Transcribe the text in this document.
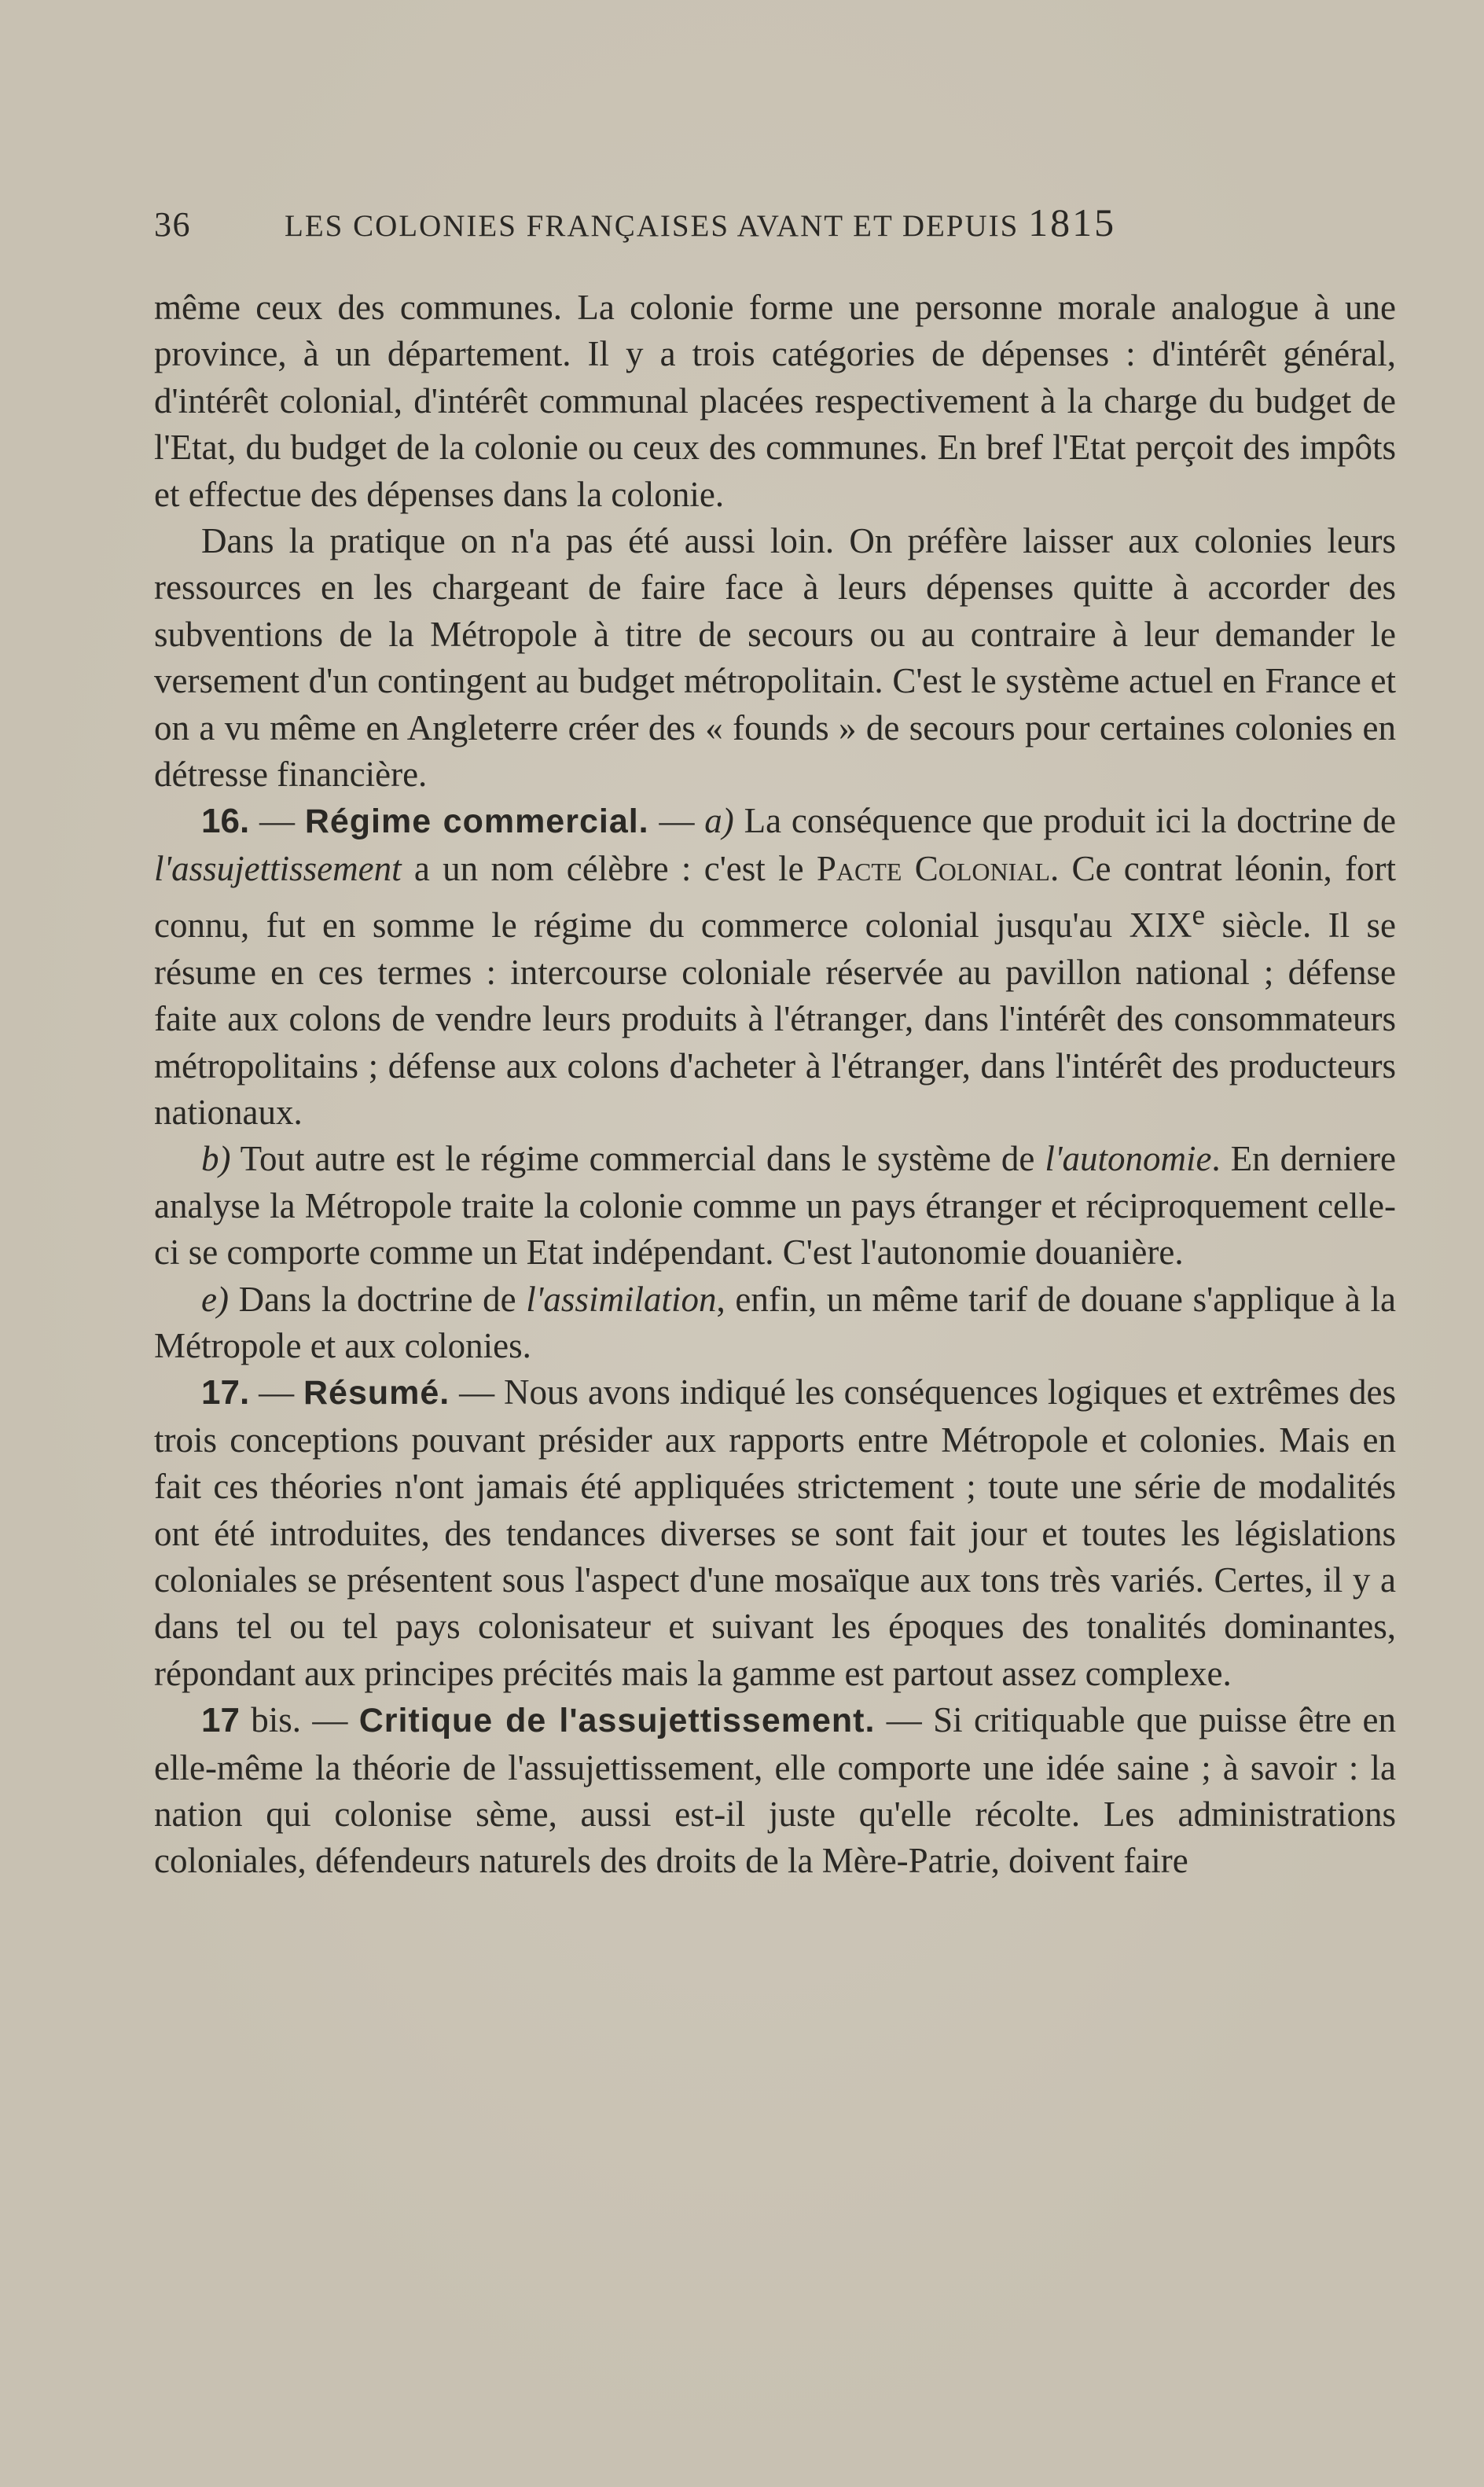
36	LES COLONIES FRANÇAISES AVANT ET DEPUIS 1815

même ceux des communes. La colonie forme une personne morale analogue à une province, à un département. Il y a trois catégories de dépenses : d'intérêt général, d'intérêt colonial, d'intérêt communal placées respectivement à la charge du budget de l'Etat, du budget de la colonie ou ceux des communes. En bref l'Etat perçoit des impôts et effectue des dépenses dans la colonie.

Dans la pratique on n'a pas été aussi loin. On préfère laisser aux colonies leurs ressources en les chargeant de faire face à leurs dépenses quitte à accorder des subventions de la Métropole à titre de secours ou au contraire à leur demander le versement d'un contingent au budget métropolitain. C'est le système actuel en France et on a vu même en Angleterre créer des « founds » de secours pour certaines colonies en détresse financière.

16. — Régime commercial. — a) La conséquence que produit ici la doctrine de l'assujettissement a un nom célèbre : c'est le Pacte Colonial. Ce contrat léonin, fort connu, fut en somme le régime du commerce colonial jusqu'au XIXe siècle. Il se résume en ces termes : intercourse coloniale réservée au pavillon national ; défense faite aux colons de vendre leurs produits à l'étranger, dans l'intérêt des consommateurs métropolitains ; défense aux colons d'acheter à l'étranger, dans l'intérêt des producteurs nationaux.

b) Tout autre est le régime commercial dans le système de l'autonomie. En derniere analyse la Métropole traite la colonie comme un pays étranger et réciproquement celle-ci se comporte comme un Etat indépendant. C'est l'autonomie douanière.

e) Dans la doctrine de l'assimilation, enfin, un même tarif de douane s'applique à la Métropole et aux colonies.

17. — Résumé. — Nous avons indiqué les conséquences logiques et extrêmes des trois conceptions pouvant présider aux rapports entre Métropole et colonies. Mais en fait ces théories n'ont jamais été appliquées strictement ; toute une série de modalités ont été introduites, des tendances diverses se sont fait jour et toutes les législations coloniales se présentent sous l'aspect d'une mosaïque aux tons très variés. Certes, il y a dans tel ou tel pays colonisateur et suivant les époques des tonalités dominantes, répondant aux principes précités mais la gamme est partout assez complexe.

17 bis. — Critique de l'assujettissement. — Si critiquable que puisse être en elle-même la théorie de l'assujettissement, elle comporte une idée saine ; à savoir : la nation qui colonise sème, aussi est-il juste qu'elle récolte. Les administrations coloniales, défendeurs naturels des droits de la Mère-Patrie, doivent faire
